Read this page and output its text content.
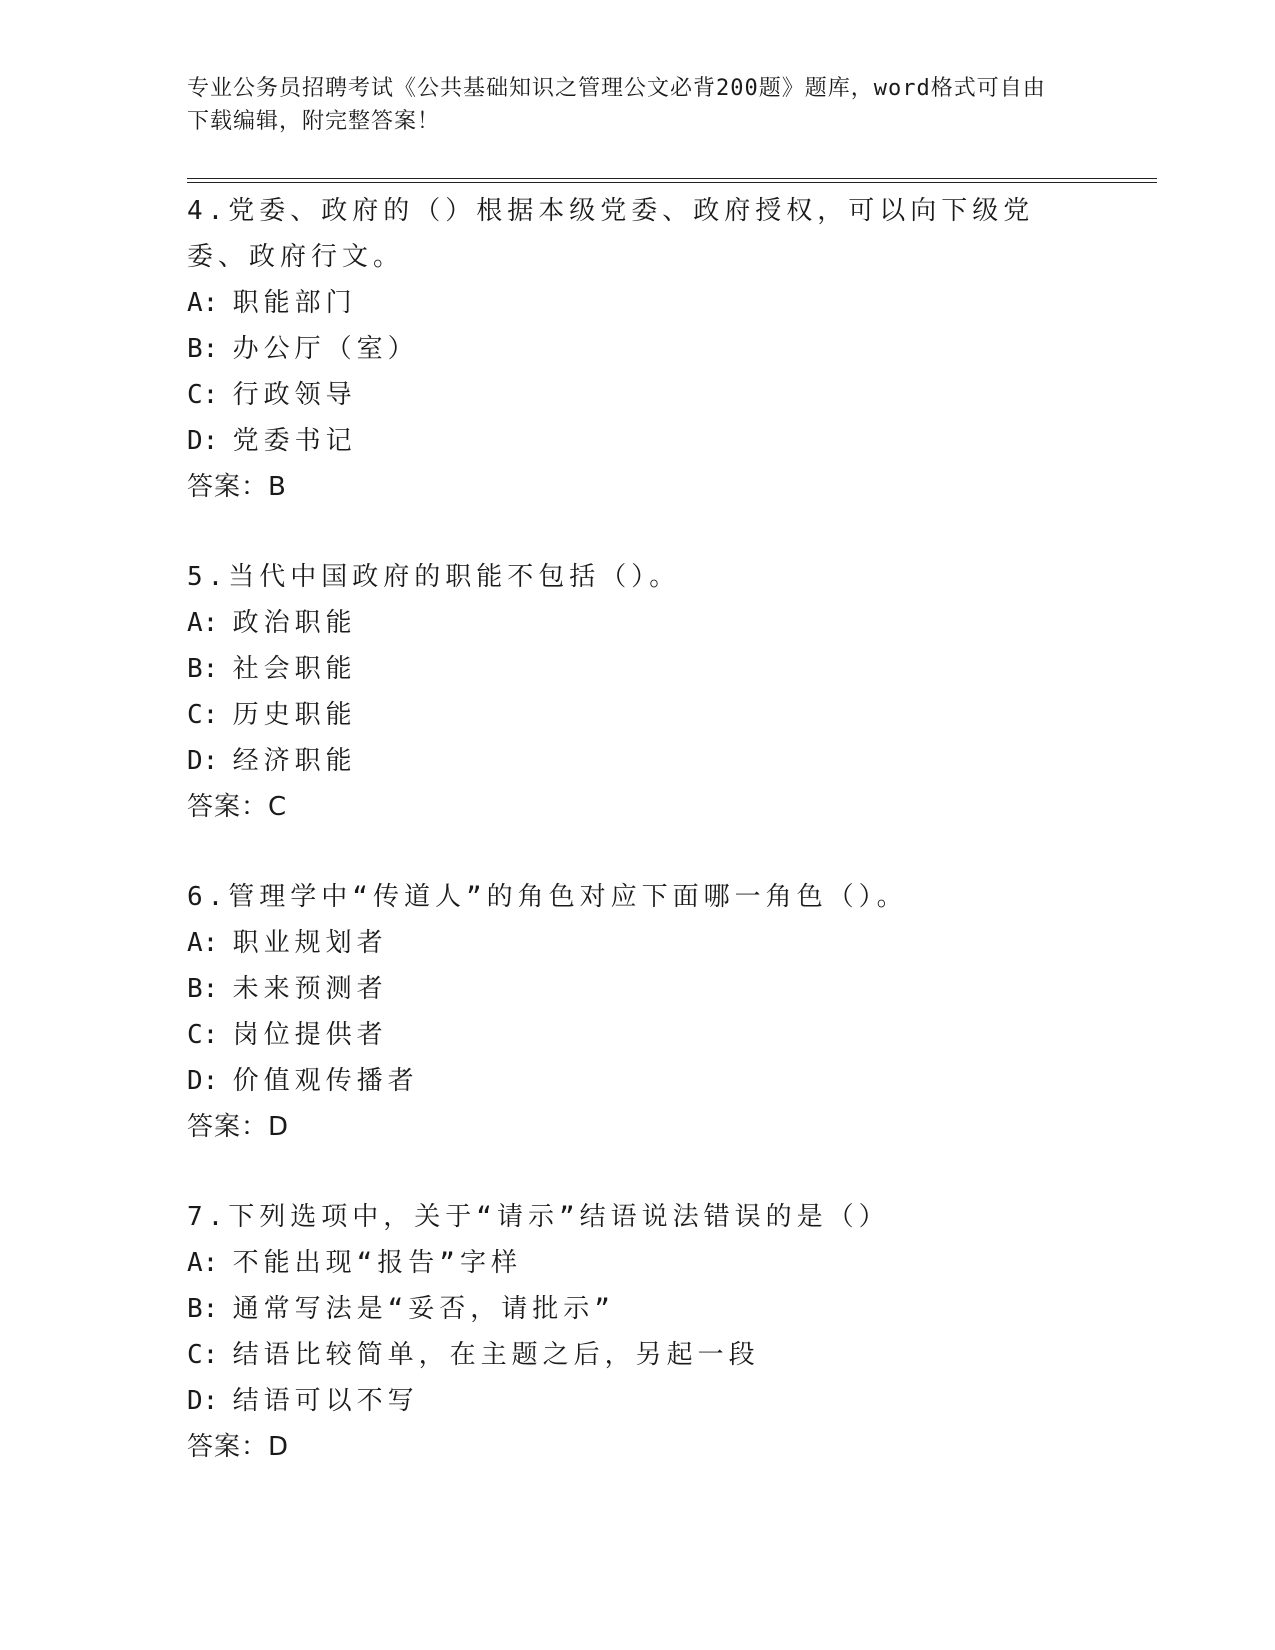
专业公务员招聘考试《公共基础知识之管理公文必背200题》题库，word格式可自由下载编辑，附完整答案！
4.党委、政府的（）根据本级党委、政府授权，可以向下级党委、政府行文。
A: 职能部门
B: 办公厅（室）
C: 行政领导
D: 党委书记
答案：B
5.当代中国政府的职能不包括（）。
A: 政治职能
B: 社会职能
C: 历史职能
D: 经济职能
答案：C
6.管理学中“传道人”的角色对应下面哪一角色（）。
A: 职业规划者
B: 未来预测者
C: 岗位提供者
D: 价值观传播者
答案：D
7.下列选项中，关于“请示”结语说法错误的是（）
A: 不能出现“报告”字样
B: 通常写法是“妥否，请批示”
C: 结语比较简单，在主题之后，另起一段
D: 结语可以不写
答案：D
